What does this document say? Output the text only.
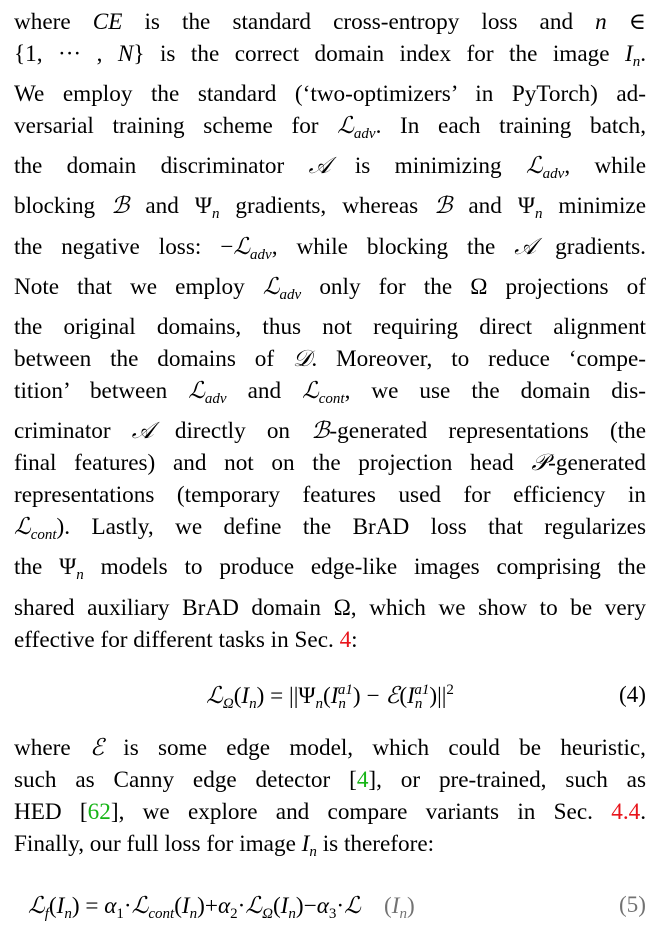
where CE is the standard cross-entropy loss and n ∈
{1, ··· , N} is the correct domain index for the image $I_n$.
We employ the standard (‘two-optimizers’ in PyTorch) ad-
versarial training scheme for ℒ$_{adv}$. In each training batch,
the domain discriminator 𝒜 is minimizing ℒ$_{adv}$, while
blocking ℬ and $\Psi_n$ gradients, whereas ℬ and $\Psi_n$ minimize
the negative loss: −ℒ$_{adv}$, while blocking the 𝒜 gradients.
Note that we employ ℒ$_{adv}$ only for the Ω projections of
the original domains, thus not requiring direct alignment
between the domains of 𝒟. Moreover, to reduce ‘compe-
tition’ between ℒ$_{adv}$ and ℒ$_{cont}$, we use the domain dis-
criminator 𝒜 directly on ℬ-generated representations (the
final features) and not on the projection head 𝒫-generated
representations (temporary features used for efficiency in
ℒ$_{cont}$). Lastly, we define the BrAD loss that regularizes
the $\Psi_n$ models to produce edge-like images comprising the
shared auxiliary BrAD domain Ω, which we show to be very
effective for different tasks in Sec. 4:

$ℒ_\Omega(I_n) = ||\Psi_n(I_n^{a1})$ − $ℰ(I_n^{a1})||^2$	(4)

where ℰ is some edge model, which could be heuristic,
such as Canny edge detector [4], or pre-trained, such as
HED [62], we explore and compare variants in Sec. 4.4.
Finally, our full loss for image $I_n$ is therefore:

$ℒ_f(I_n)$ = $\alpha_1\cdot ℒ_{cont}(I_n)+\alpha_2\cdot ℒ_\Omega(I_n)-\alpha_3\cdot ℒ$    $(I_n)$	(5)
